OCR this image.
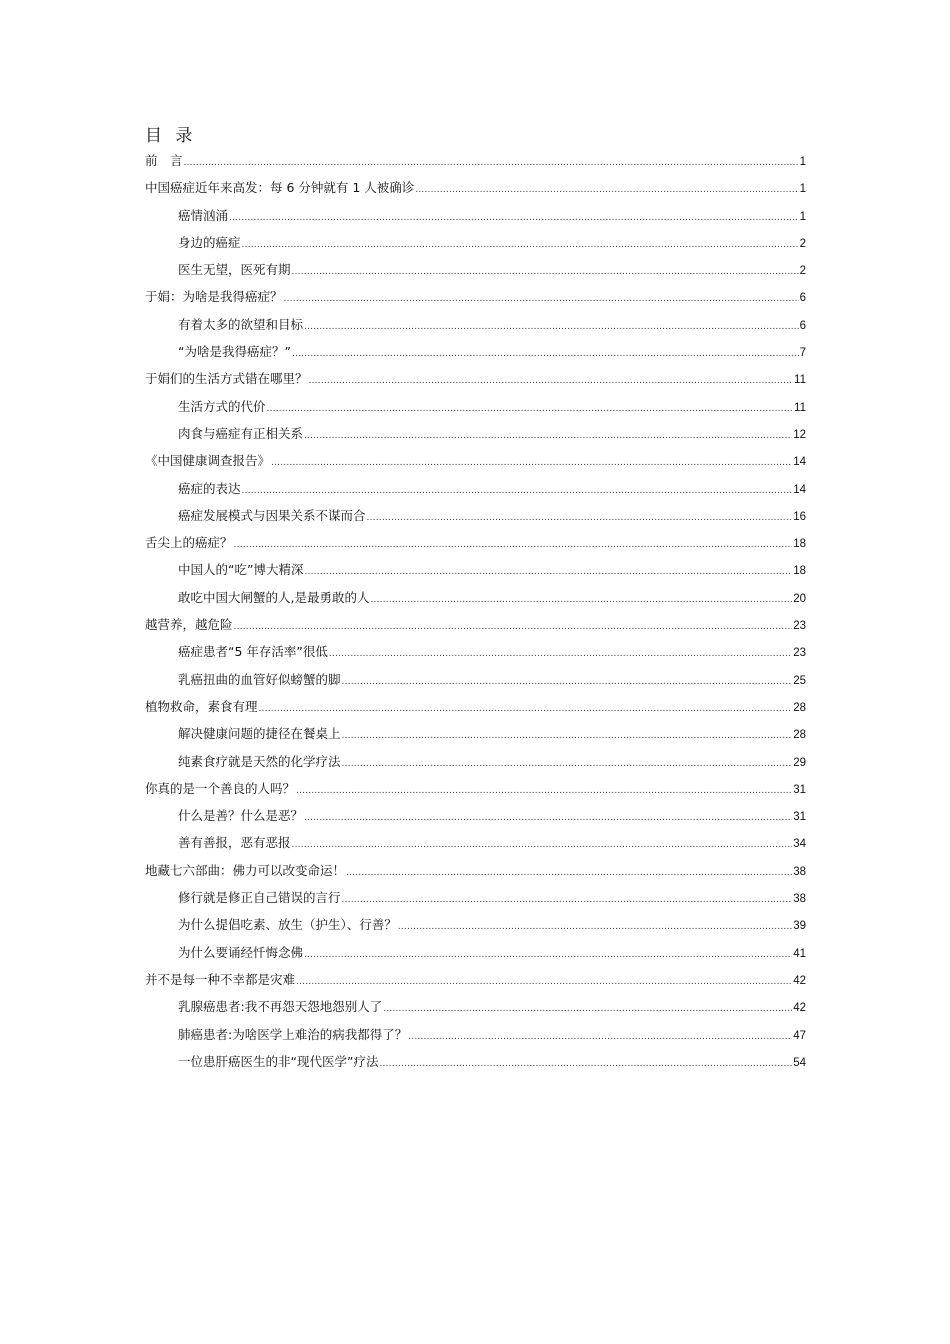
目 录
前　言 .....	1
中国癌症近年来高发：每 6 分钟就有 1 人被确诊 .....	1
癌情汹涌 .....	1
身边的癌症 .....	2
医生无望，医死有期 .....	2
于娟：为啥是我得癌症？ .....	6
有着太多的欲望和目标 .....	6
“为啥是我得癌症？” .....	7
于娟们的生活方式错在哪里？ .....	11
生活方式的代价 .....	11
肉食与癌症有正相关系 .....	12
《中国健康调查报告》 .....	14
癌症的表达 .....	14
癌症发展模式与因果关系不谋而合 .....	16
舌尖上的癌症？ .....	18
中国人的“吃”博大精深 .....	18
敢吃中国大闸蟹的人,是最勇敢的人 .....	20
越营养，越危险 .....	23
癌症患者“5 年存活率”很低 .....	23
乳癌扭曲的血管好似螃蟹的脚 .....	25
植物救命，素食有理 .....	28
解决健康问题的捷径在餐桌上 .....	28
纯素食疗就是天然的化学疗法 .....	29
你真的是一个善良的人吗？ .....	31
什么是善？什么是恶？ .....	31
善有善报，恶有恶报 .....	34
地藏七六部曲：佛力可以改变命运！ .....	38
修行就是修正自己错误的言行 .....	38
为什么提倡吃素、放生（护生）、行善？ .....	39
为什么要诵经忏悔念佛 .....	41
并不是每一种不幸都是灾难 .....	42
乳腺癌患者:我不再怨天怨地怨别人了 .....	42
肺癌患者:为啥医学上难治的病我都得了？ .....	47
一位患肝癌医生的非“现代医学”疗法 .....	54
